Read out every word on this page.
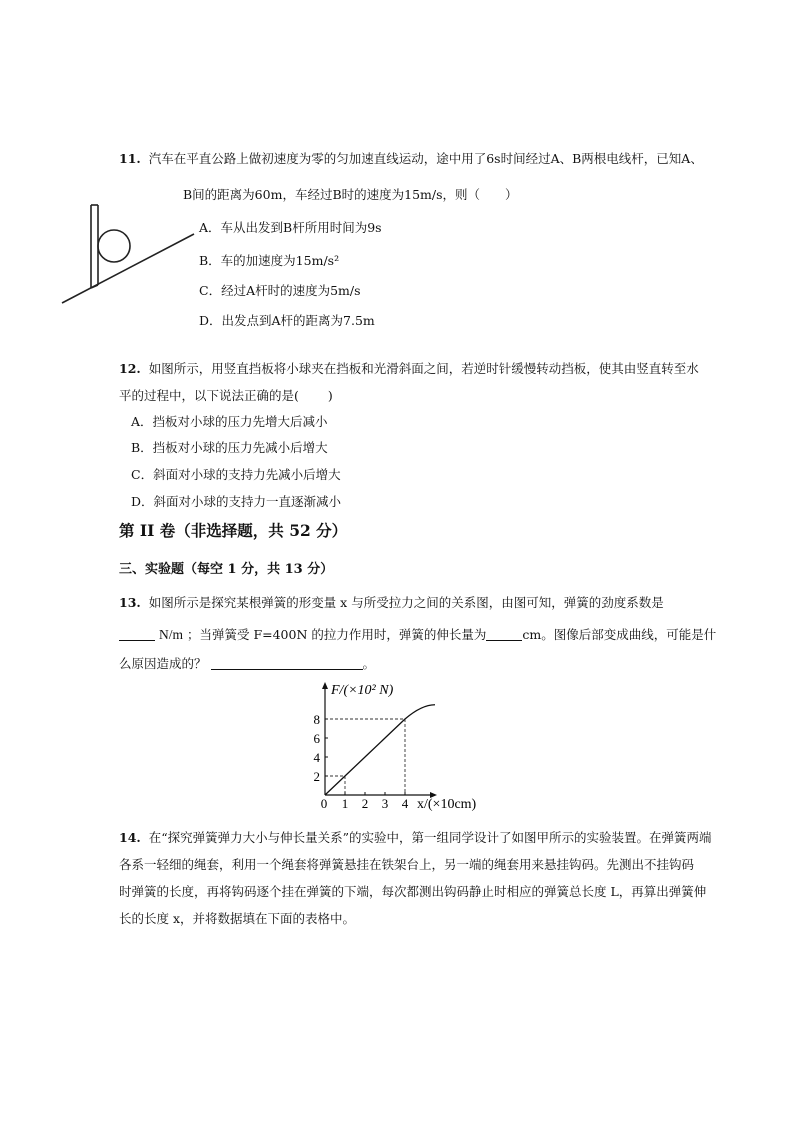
11. 汽车在平直公路上做初速度为零的匀加速直线运动，途中用了6s时间经过A、B两根电线杆，已知A、
B间的距离为60m，车经过B时的速度为15m/s，则（　　）
A．车从出发到B杆所用时间为9s
B．车的加速度为15m/s²
C．经过A杆时的速度为5m/s
D．出发点到A杆的距离为7.5m
12. 如图所示，用竖直挡板将小球夹在挡板和光滑斜面之间，若逆时针缓慢转动挡板，使其由竖直转至水
平的过程中，以下说法正确的是(　　 )
A．挡板对小球的压力先增大后减小
B．挡板对小球的压力先减小后增大
C．斜面对小球的支持力先减小后增大
D．斜面对小球的支持力一直逐渐减小
第 II 卷（非选择题，共 52 分）
三、实验题（每空 1 分，共 13 分）
13. 如图所示是探究某根弹簧的形变量 x 与所受拉力之间的关系图，由图可知，弹簧的劲度系数是
N/m ；当弹簧受 F=400N 的拉力作用时，弹簧的伸长量为	cm。图像后部变成曲线，可能是什
么原因造成的？	。
0 1 2 3 4
2
4
6
8
F/(×10² N)
x/(×10cm)
14. 在“探究弹簧弹力大小与伸长量关系”的实验中，第一组同学设计了如图甲所示的实验装置。在弹簧两端
各系一轻细的绳套，利用一个绳套将弹簧悬挂在铁架台上，另一端的绳套用来悬挂钩码。先测出不挂钩码
时弹簧的长度，再将钩码逐个挂在弹簧的下端，每次都测出钩码静止时相应的弹簧总长度 L，再算出弹簧伸
长的长度 x，并将数据填在下面的表格中。
